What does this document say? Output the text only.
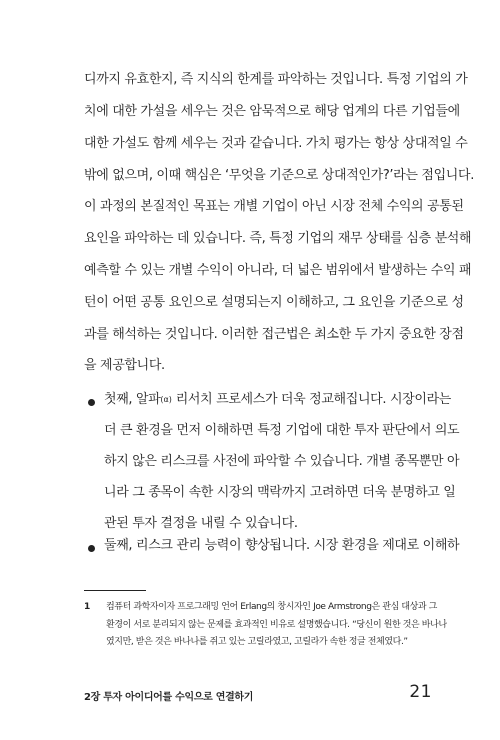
디까지 유효한지, 즉 지식의 한계를 파악하는 것입니다. 특정 기업의 가
치에 대한 가설을 세우는 것은 암묵적으로 해당 업계의 다른 기업들에
대한 가설도 함께 세우는 것과 같습니다. 가치 평가는 항상 상대적일 수
밖에 없으며, 이때 핵심은 ‘무엇을 기준으로 상대적인가?’라는 점입니다.
이 과정의 본질적인 목표는 개별 기업이 아닌 시장 전체 수익의 공통된
요인을 파악하는 데 있습니다. 즉, 특정 기업의 재무 상태를 심층 분석해
예측할 수 있는 개별 수익이 아니라, 더 넓은 범위에서 발생하는 수익 패
턴이 어떤 공통 요인으로 설명되는지 이해하고, 그 요인을 기준으로 성
과를 해석하는 것입니다. 이러한 접근법은 최소한 두 가지 중요한 장점
을 제공합니다.
첫째, 알파(α) 리서치 프로세스가 더욱 정교해집니다. 시장이라는
더 큰 환경을 먼저 이해하면 특정 기업에 대한 투자 판단에서 의도
하지 않은 리스크를 사전에 파악할 수 있습니다. 개별 종목뿐만 아
니라 그 종목이 속한 시장의 맥락까지 고려하면 더욱 분명하고 일
관된 투자 결정을 내릴 수 있습니다.
1 컴퓨터 과학자이자 프로그래밍 언어 Erlang의 창시자인 Joe Armstrong은 관심 대상과 그
환경이 서로 분리되지 않는 문제를 효과적인 비유로 설명했습니다. “당신이 원한 것은 바나나
였지만, 받은 것은 바나나를 쥐고 있는 고릴라였고, 고릴라가 속한 정글 전체였다.”
2장 투자 아이디어를 수익으로 연결하기	21
둘째, 리스크 관리 능력이 향상됩니다. 시장 환경을 제대로 이해하
